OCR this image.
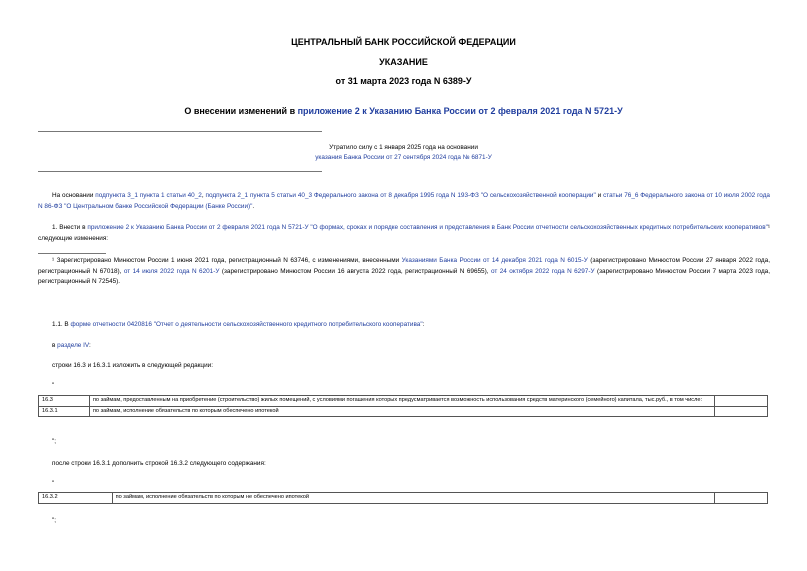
ЦЕНТРАЛЬНЫЙ БАНК РОССИЙСКОЙ ФЕДЕРАЦИИ
УКАЗАНИЕ
от 31 марта 2023 года N 6389-У
О внесении изменений в приложение 2 к Указанию Банка России от 2 февраля 2021 года N 5721-У
Утратило силу с 1 января 2025 года на основании
указания Банка России от 27 сентября 2024 года № 6871-У
На основании подпункта 3_1 пункта 1 статьи 40_2, подпункта 2_1 пункта 5 статьи 40_3 Федерального закона от 8 декабря 1995 года N 193-ФЗ "О сельскохозяйственной кооперации" и статьи 76_6 Федерального закона от 10 июля 2002 года N 86-ФЗ "О Центральном банке Российской Федерации (Банке России)".
1. Внести в приложение 2 к Указанию Банка России от 2 февраля 2021 года N 5721-У "О формах, сроках и порядке составления и представления в Банк России отчетности сельскохозяйственных кредитных потребительских кооперативов"¹ следующие изменения:
¹ Зарегистрировано Минюстом России 1 июня 2021 года, регистрационный N 63746, с изменениями, внесенными Указаниями Банка России от 14 декабря 2021 года N 6015-У (зарегистрировано Минюстом России 27 января 2022 года, регистрационный N 67018), от 14 июля 2022 года N 6201-У (зарегистрировано Минюстом России 16 августа 2022 года, регистрационный N 69655), от 24 октября 2022 года N 6297-У (зарегистрировано Минюстом России 7 марта 2023 года, регистрационный N 72545).
1.1. В форме отчетности 0420816 "Отчет о деятельности сельскохозяйственного кредитного потребительского кооператива":
в разделе IV:
строки 16.3 и 16.3.1 изложить в следующей редакции:
"
16.3	по займам, предоставленным на приобретение (строительство) жилых помещений, с условиями погашения которых предусматривается возможность использования средств материнского (семейного) капитала, тыс.руб., в том числе:	
16.3.1	по займам, исполнение обязательств по которым обеспечено ипотекой	
";
после строки 16.3.1 дополнить строкой 16.3.2 следующего содержания:
"
16.3.2	по займам, исполнение обязательств по которым не обеспечено ипотекой	
";
